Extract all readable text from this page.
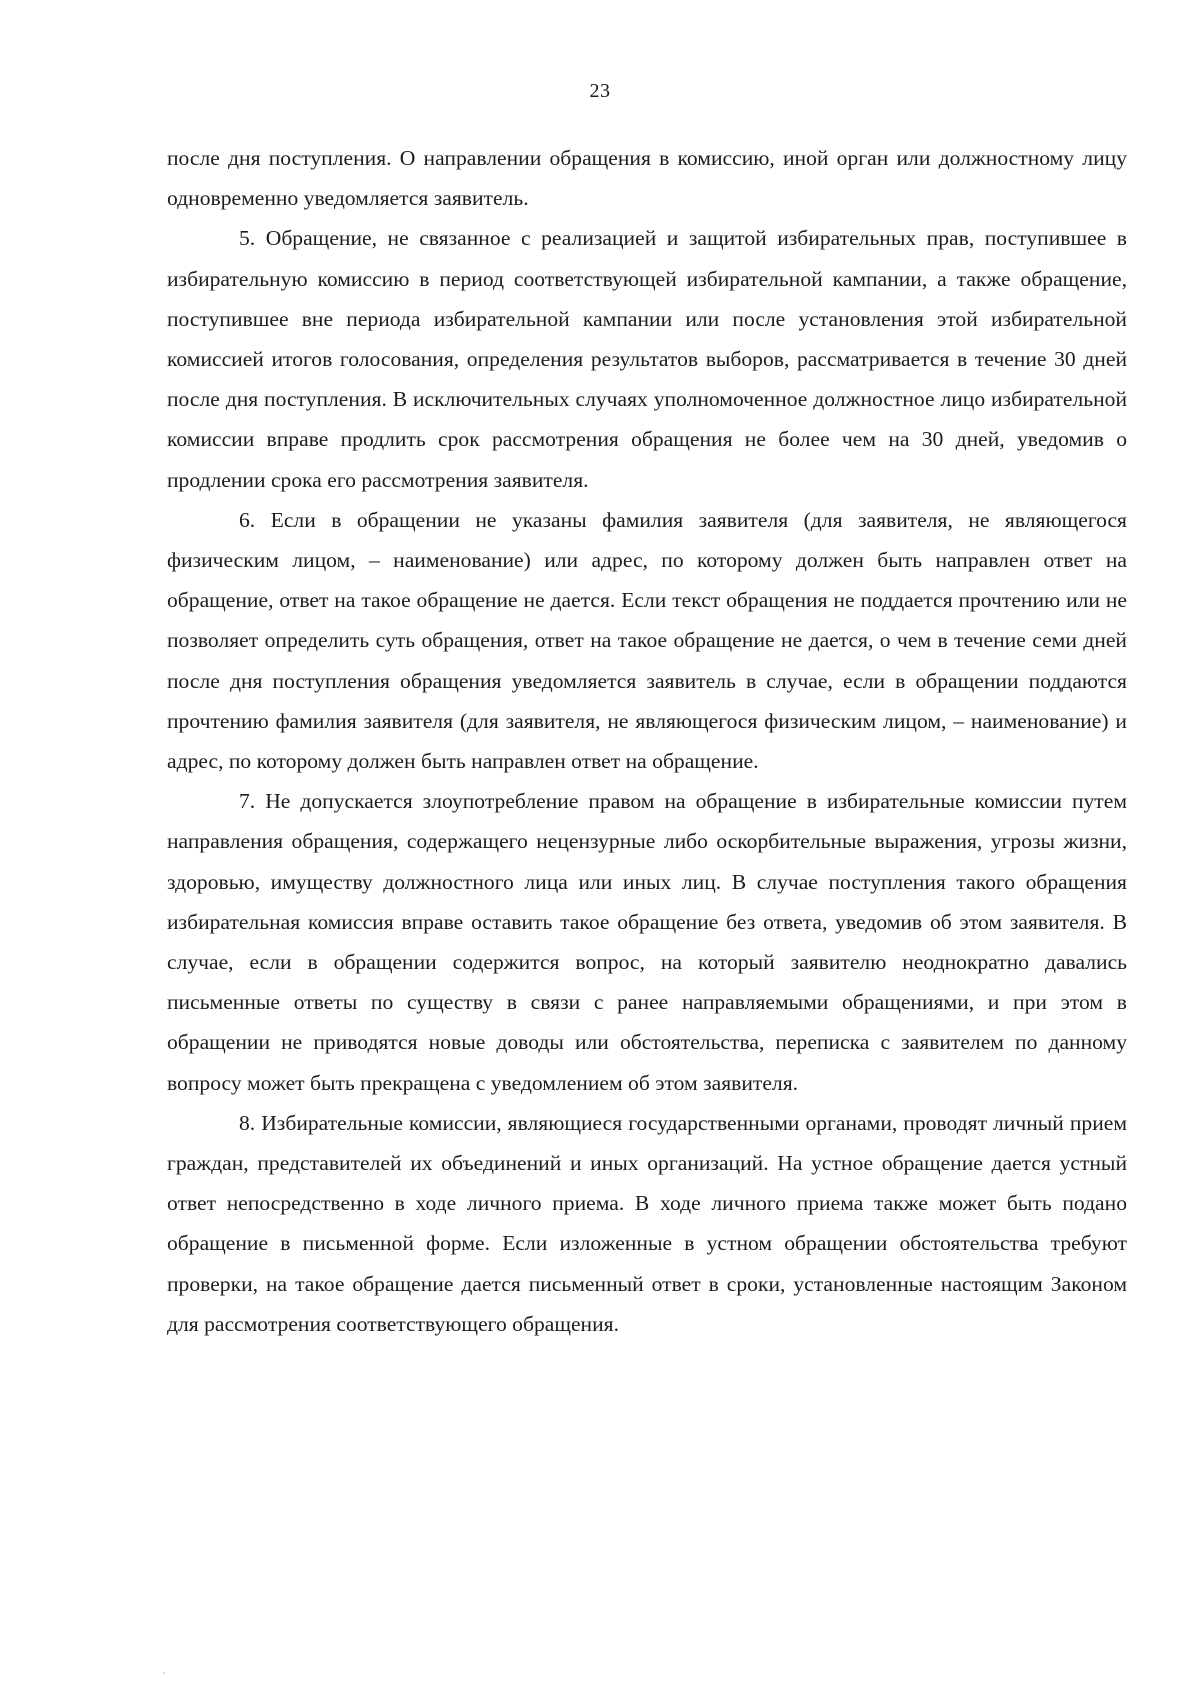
23

после дня поступления. О направлении обращения в комиссию, иной орган или должностному лицу одновременно уведомляется заявитель.

5. Обращение, не связанное с реализацией и защитой избирательных прав, поступившее в избирательную комиссию в период соответствующей избирательной кампании, а также обращение, поступившее вне периода избирательной кампании или после установления этой избирательной комиссией итогов голосования, определения результатов выборов, рассматривается в течение 30 дней после дня поступления. В исключительных случаях уполномоченное должностное лицо избирательной комиссии вправе продлить срок рассмотрения обращения не более чем на 30 дней, уведомив о продлении срока его рассмотрения заявителя.

6. Если в обращении не указаны фамилия заявителя (для заявителя, не являющегося физическим лицом, – наименование) или адрес, по которому должен быть направлен ответ на обращение, ответ на такое обращение не дается. Если текст обращения не поддается прочтению или не позволяет определить суть обращения, ответ на такое обращение не дается, о чем в течение семи дней после дня поступления обращения уведомляется заявитель в случае, если в обращении поддаются прочтению фамилия заявителя (для заявителя, не являющегося физическим лицом, – наименование) и адрес, по которому должен быть направлен ответ на обращение.

7. Не допускается злоупотребление правом на обращение в избирательные комиссии путем направления обращения, содержащего нецензурные либо оскорбительные выражения, угрозы жизни, здоровью, имуществу должностного лица или иных лиц. В случае поступления такого обращения избирательная комиссия вправе оставить такое обращение без ответа, уведомив об этом заявителя. В случае, если в обращении содержится вопрос, на который заявителю неоднократно давались письменные ответы по существу в связи с ранее направляемыми обращениями, и при этом в обращении не приводятся новые доводы или обстоятельства, переписка с заявителем по данному вопросу может быть прекращена с уведомлением об этом заявителя.

8. Избирательные комиссии, являющиеся государственными органами, проводят личный прием граждан, представителей их объединений и иных организаций. На устное обращение дается устный ответ непосредственно в ходе личного приема. В ходе личного приема также может быть подано обращение в письменной форме. Если изложенные в устном обращении обстоятельства требуют проверки, на такое обращение дается письменный ответ в сроки, установленные настоящим Законом для рассмотрения соответствующего обращения.
